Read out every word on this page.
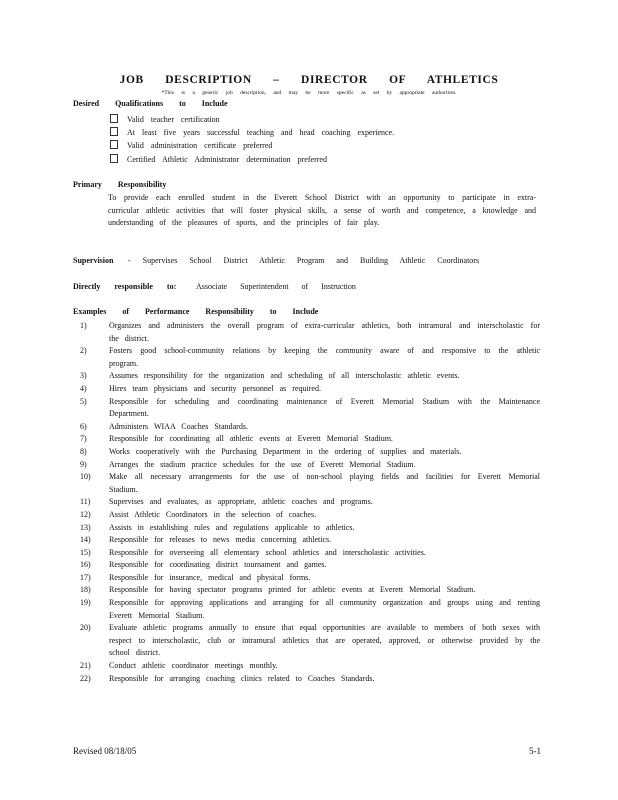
JOB DESCRIPTION – DIRECTOR OF ATHLETICS
*This is a generic job description, and may be more specific as set by appropriate authorities.
Desired Qualifications to Include
Valid teacher certification
At least five years successful teaching and head coaching experience.
Valid administration certificate preferred
Certified Athletic Administrator determination preferred
Primary Responsibility
To provide each enrolled student in the Everett School District with an opportunity to participate in extra-curricular athletic activities that will foster physical skills, a sense of worth and competence, a knowledge and understanding of the pleasures of sports, and the principles of fair play.
Supervision - Supervises School District Athletic Program and Building Athletic Coordinators
Directly responsible to: Associate Superintendent of Instruction
Examples of Performance Responsibility to Include
1)	Organizes and administers the overall program of extra-curricular athletics, both intramural and interscholastic for the district.
2)	Fosters good school-community relations by keeping the community aware of and responsive to the athletic program.
3)	Assumes responsibility for the organization and scheduling of all interscholastic athletic events.
4)	Hires team physicians and security personnel as required.
5)	Responsible for scheduling and coordinating maintenance of Everett Memorial Stadium with the Maintenance Department.
6)	Administers WIAA Coaches Standards.
7)	Responsible for coordinating all athletic events at Everett Memorial Stadium.
8)	Works cooperatively with the Purchasing Department in the ordering of supplies and materials.
9)	Arranges the stadium practice schedules for the use of Everett Memorial Stadium.
10) Make all necessary arrangements for the use of non-school playing fields and facilities for Everett Memorial Stadium.
11) Supervises and evaluates, as appropriate, athletic coaches and programs.
12) Assist Athletic Coordinators in the selection of coaches.
13) Assists in establishing rules and regulations applicable to athletics.
14) Responsible for releases to news media concerning athletics.
15) Responsible for overseeing all elementary school athletics and interscholastic activities.
16) Responsible for coordinating district tournament and games.
17) Responsible for insurance, medical and physical forms.
18) Responsible for having spectator programs printed for athletic events at Everett Memorial Stadium.
19) Responsible for approving applications and arranging for all community organization and groups using and renting Everett Memorial Stadium.
20) Evaluate athletic programs annually to ensure that equal opportunities are available to members of both sexes with respect to interscholastic, club or intramural athletics that are operated, approved, or otherwise provided by the school district.
21) Conduct athletic coordinator meetings monthly.
22) Responsible for arranging coaching clinics related to Coaches Standards.
Revised 08/18/05	5-1
